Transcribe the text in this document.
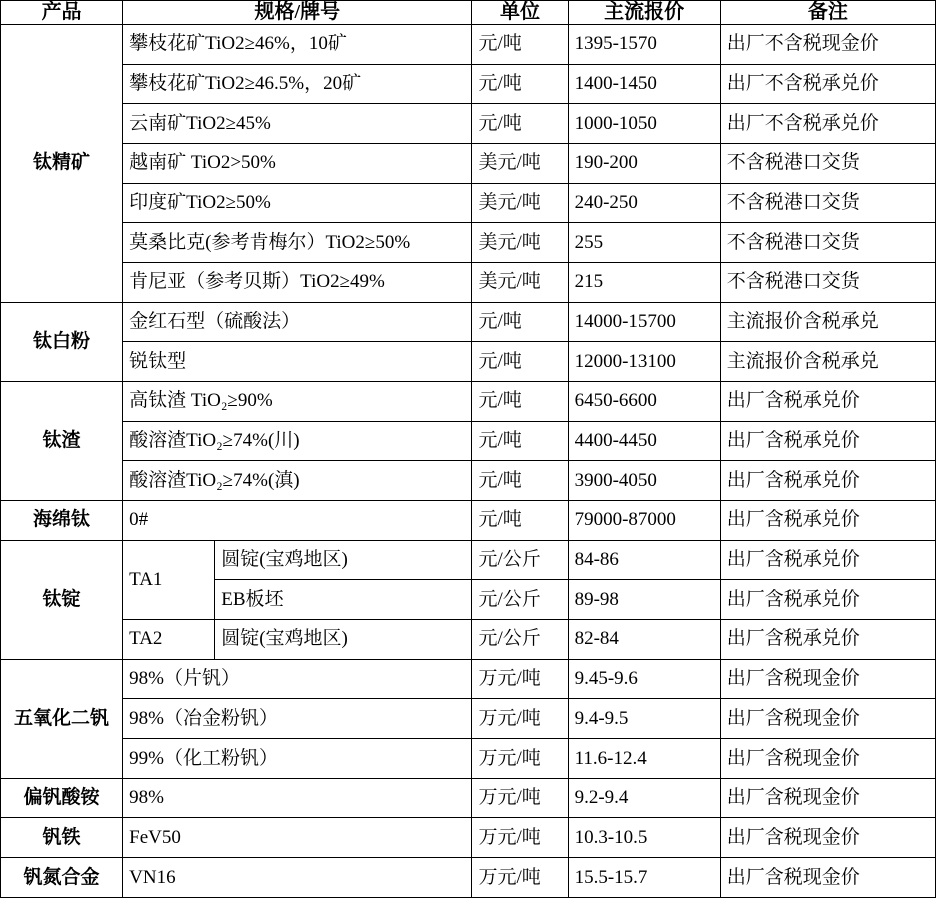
产品	规格/牌号		单位	主流报价	备注
钛精矿	攀枝花矿TiO2≥46%，10矿		元/吨	1395-1570	出厂不含税现金价
	攀枝花矿TiO2≥46.5%，20矿		元/吨	1400-1450	出厂不含税承兑价
	云南矿TiO2≥45%		元/吨	1000-1050	出厂不含税承兑价
	越南矿 TiO2>50%		美元/吨	190-200	不含税港口交货
	印度矿TiO2≥50%		美元/吨	240-250	不含税港口交货
	莫桑比克(参考肯梅尔）TiO2≥50%		美元/吨	255	不含税港口交货
	肯尼亚（参考贝斯）TiO2≥49%		美元/吨	215	不含税港口交货
钛白粉	金红石型（硫酸法）		元/吨	14000-15700	主流报价含税承兑
	锐钛型		元/吨	12000-13100	主流报价含税承兑
钛渣	高钛渣 TiO₂≥90%		元/吨	6450-6600	出厂含税承兑价
	酸溶渣TiO₂≥74%(川)		元/吨	4400-4450	出厂含税承兑价
	酸溶渣TiO₂≥74%(滇)		元/吨	3900-4050	出厂含税承兑价
海绵钛	0#		元/吨	79000-87000	出厂含税承兑价
钛锭	TA1	圆锭(宝鸡地区)	元/公斤	84-86	出厂含税承兑价
		EB板坯	元/公斤	89-98	出厂含税承兑价
	TA2	圆锭(宝鸡地区)	元/公斤	82-84	出厂含税承兑价
五氧化二钒	98%（片钒）		万元/吨	9.45-9.6	出厂含税现金价
	98%（冶金粉钒）		万元/吨	9.4-9.5	出厂含税现金价
	99%（化工粉钒）		万元/吨	11.6-12.4	出厂含税现金价
偏钒酸铵	98%		万元/吨	9.2-9.4	出厂含税现金价
钒铁	FeV50		万元/吨	10.3-10.5	出厂含税现金价
钒氮合金	VN16		万元/吨	15.5-15.7	出厂含税现金价
